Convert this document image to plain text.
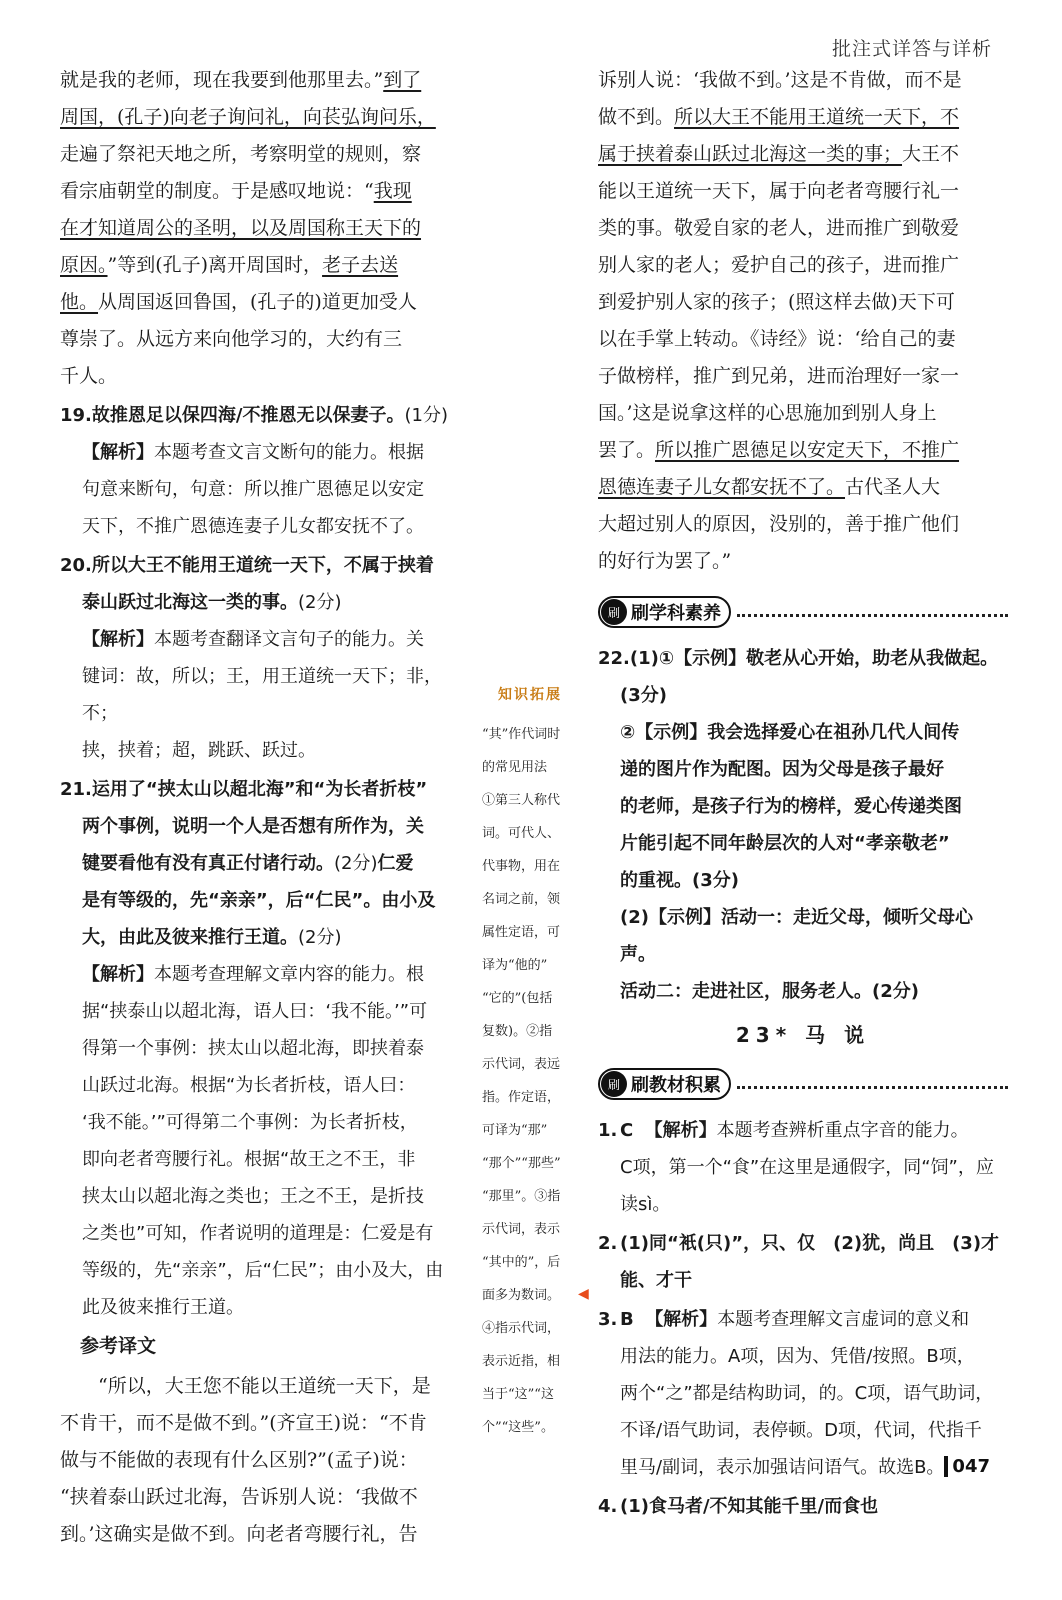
批注式详答与详析

就是我的老师，现在我要到他那里去。”到了

周国，(孔子)向老子询问礼，向苌弘询问乐，

走遍了祭祀天地之所，考察明堂的规则，察

看宗庙朝堂的制度。于是感叹地说：“我现

在才知道周公的圣明，以及周国称王天下的

原因。”等到(孔子)离开周国时，老子去送

他。从周国返回鲁国，(孔子的)道更加受人

尊崇了。从远方来向他学习的，大约有三

千人。

19.故推恩足以保四海/不推恩无以保妻子。(1分)
【解析】本题考查文言文断句的能力。根据
句意来断句，句意：所以推广恩德足以安定
天下，不推广恩德连妻子儿女都安抚不了。
20.所以大王不能用王道统一天下，不属于挟着
泰山跃过北海这一类的事。(2分)
【解析】本题考查翻译文言句子的能力。关
键词：故，所以；王，用王道统一天下；非，不；
挟，挟着；超，跳跃、跃过。
21.运用了“挟太山以超北海”和“为长者折枝”
两个事例，说明一个人是否想有所作为，关
键要看他有没有真正付诸行动。(2分)仁爱
是有等级的，先“亲亲”，后“仁民”。由小及
大，由此及彼来推行王道。(2分)
【解析】本题考查理解文章内容的能力。根
据“挟泰山以超北海，语人曰：‘我不能。’”可
得第一个事例：挟太山以超北海，即挟着泰
山跃过北海。根据“为长者折枝，语人曰：
‘我不能。’”可得第二个事例：为长者折枝，
即向老者弯腰行礼。根据“故王之不王，非
挟太山以超北海之类也；王之不王，是折技
之类也”可知，作者说明的道理是：仁爱是有
等级的，先“亲亲”，后“仁民”；由小及大，由
此及彼来推行王道。
参考译文

“所以，大王您不能以王道统一天下，是

不肯干，而不是做不到。”(齐宣王)说：“不肯

做与不能做的表现有什么区别?”(孟子)说：

“挟着泰山跃过北海，告诉别人说：‘我做不

到。’这确实是做不到。向老者弯腰行礼，告

知识拓展
“其”作代词时
的常见用法
①第三人称代
词。可代人、
代事物，用在
名词之前，领
属性定语，可
译为“他的”
“它的”(包括
复数)。②指
示代词，表远
指。作定语，
可译为“那”
“那个”“那些”
“那里”。③指
示代词，表示
“其中的”，后
面多为数词。
④指示代词，
表示近指，相
当于“这”“这
个”“这些”。
◀

诉别人说：‘我做不到。’这是不肯做，而不是

做不到。所以大王不能用王道统一天下，不

属于挟着泰山跃过北海这一类的事；大王不

能以王道统一天下，属于向老者弯腰行礼一

类的事。敬爱自家的老人，进而推广到敬爱

别人家的老人；爱护自己的孩子，进而推广

到爱护别人家的孩子；(照这样去做)天下可

以在手掌上转动。《诗经》说：‘给自己的妻

子做榜样，推广到兄弟，进而治理好一家一

国。’这是说拿这样的心思施加到别人身上

罢了。所以推广恩德足以安定天下，不推广

恩德连妻子儿女都安抚不了。古代圣人大

大超过别人的原因，没别的，善于推广他们

的好行为罢了。”

刷 刷学科素养
22.(1)①【示例】敬老从心开始，助老从我做起。
(3分)
②【示例】我会选择爱心在祖孙几代人间传
递的图片作为配图。因为父母是孩子最好
的老师，是孩子行为的榜样，爱心传递类图
片能引起不同年龄层次的人对“孝亲敬老”
的重视。(3分)
(2)【示例】活动一：走近父母，倾听父母心声。
活动二：走进社区，服务老人。(2分)
23* 马 说
刷 刷教材积累
1. C 【解析】本题考查辨析重点字音的能力。
C项，第一个“食”在这里是通假字，同“饲”，应
读sì。
2. (1)同“衹(只)”，只、仅　(2)犹，尚且　(3)才
能、才干
3. B 【解析】本题考查理解文言虚词的意义和
用法的能力。A项，因为、凭借/按照。B项，
两个“之”都是结构助词，的。C项，语气助词，
不译/语气助词，表停顿。D项，代词，代指千
里马/副词，表示加强诘问语气。故选B。
4. (1)食马者/不知其能千里/而食也
047
